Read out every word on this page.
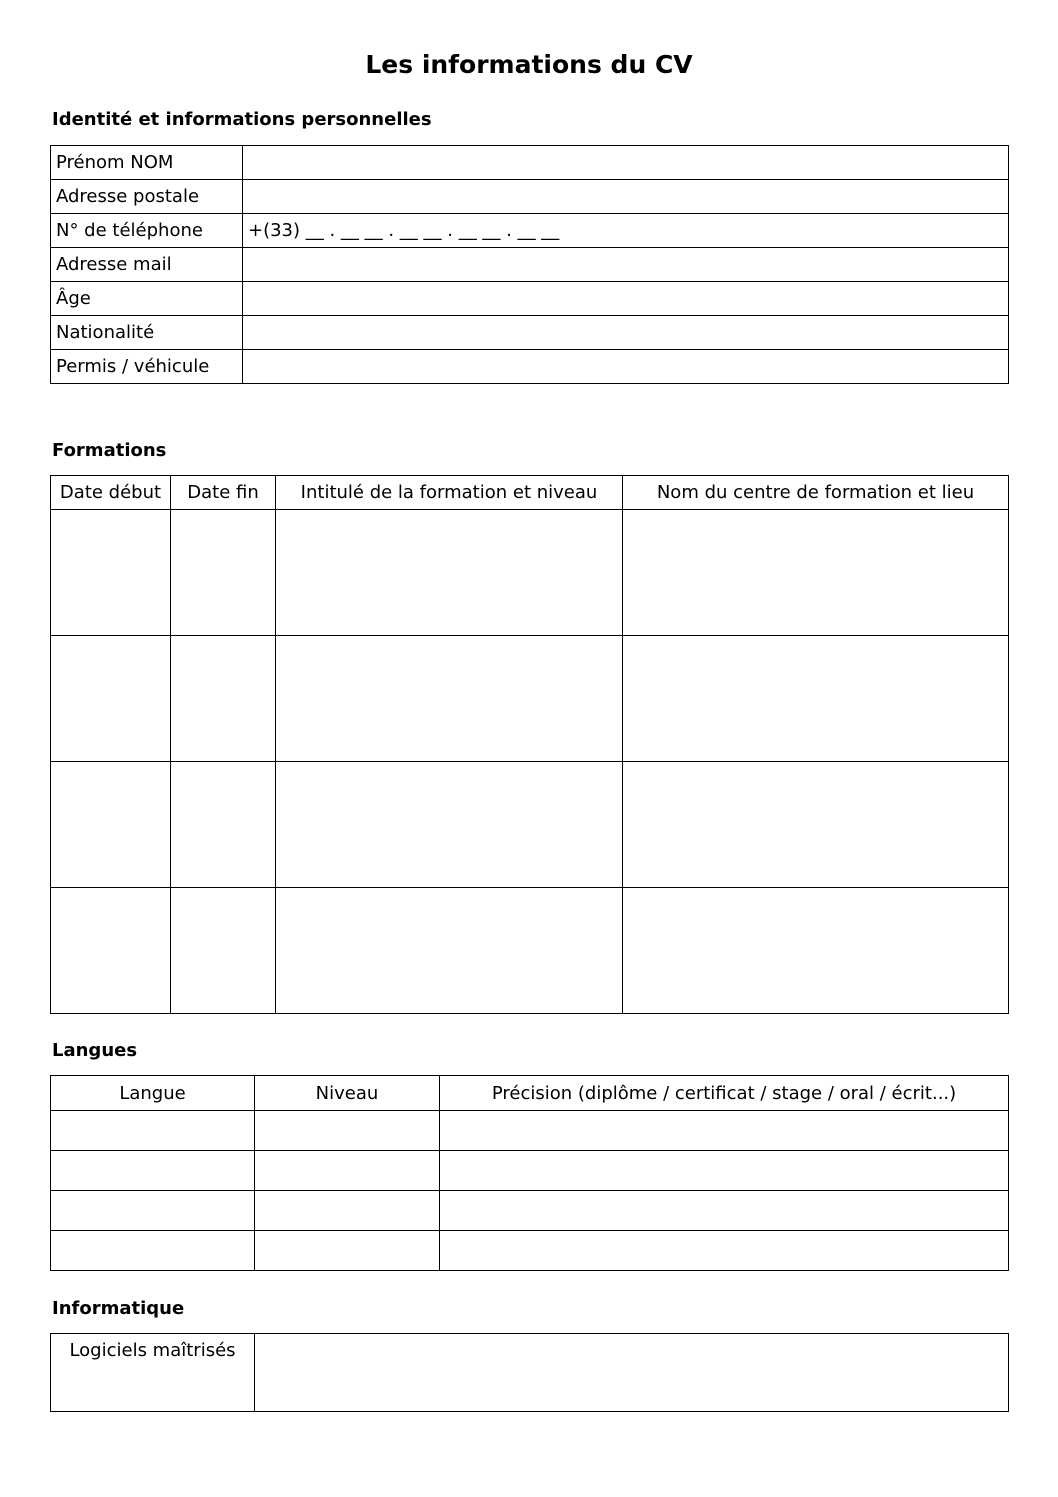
Les informations du CV
Identité et informations personnelles
Prénom NOM	
Adresse postale	
N° de téléphone	+(33) __ . __ __ . __ __ . __ __ . __ __
Adresse mail	
Âge	
Nationalité	
Permis / véhicule	
Formations
Date début	Date fin	Intitulé de la formation et niveau	Nom du centre de formation et lieu

Langues
Langue	Niveau	Précision (diplôme / certificat / stage / oral / écrit...)

Informatique
Logiciels maîtrisés	
